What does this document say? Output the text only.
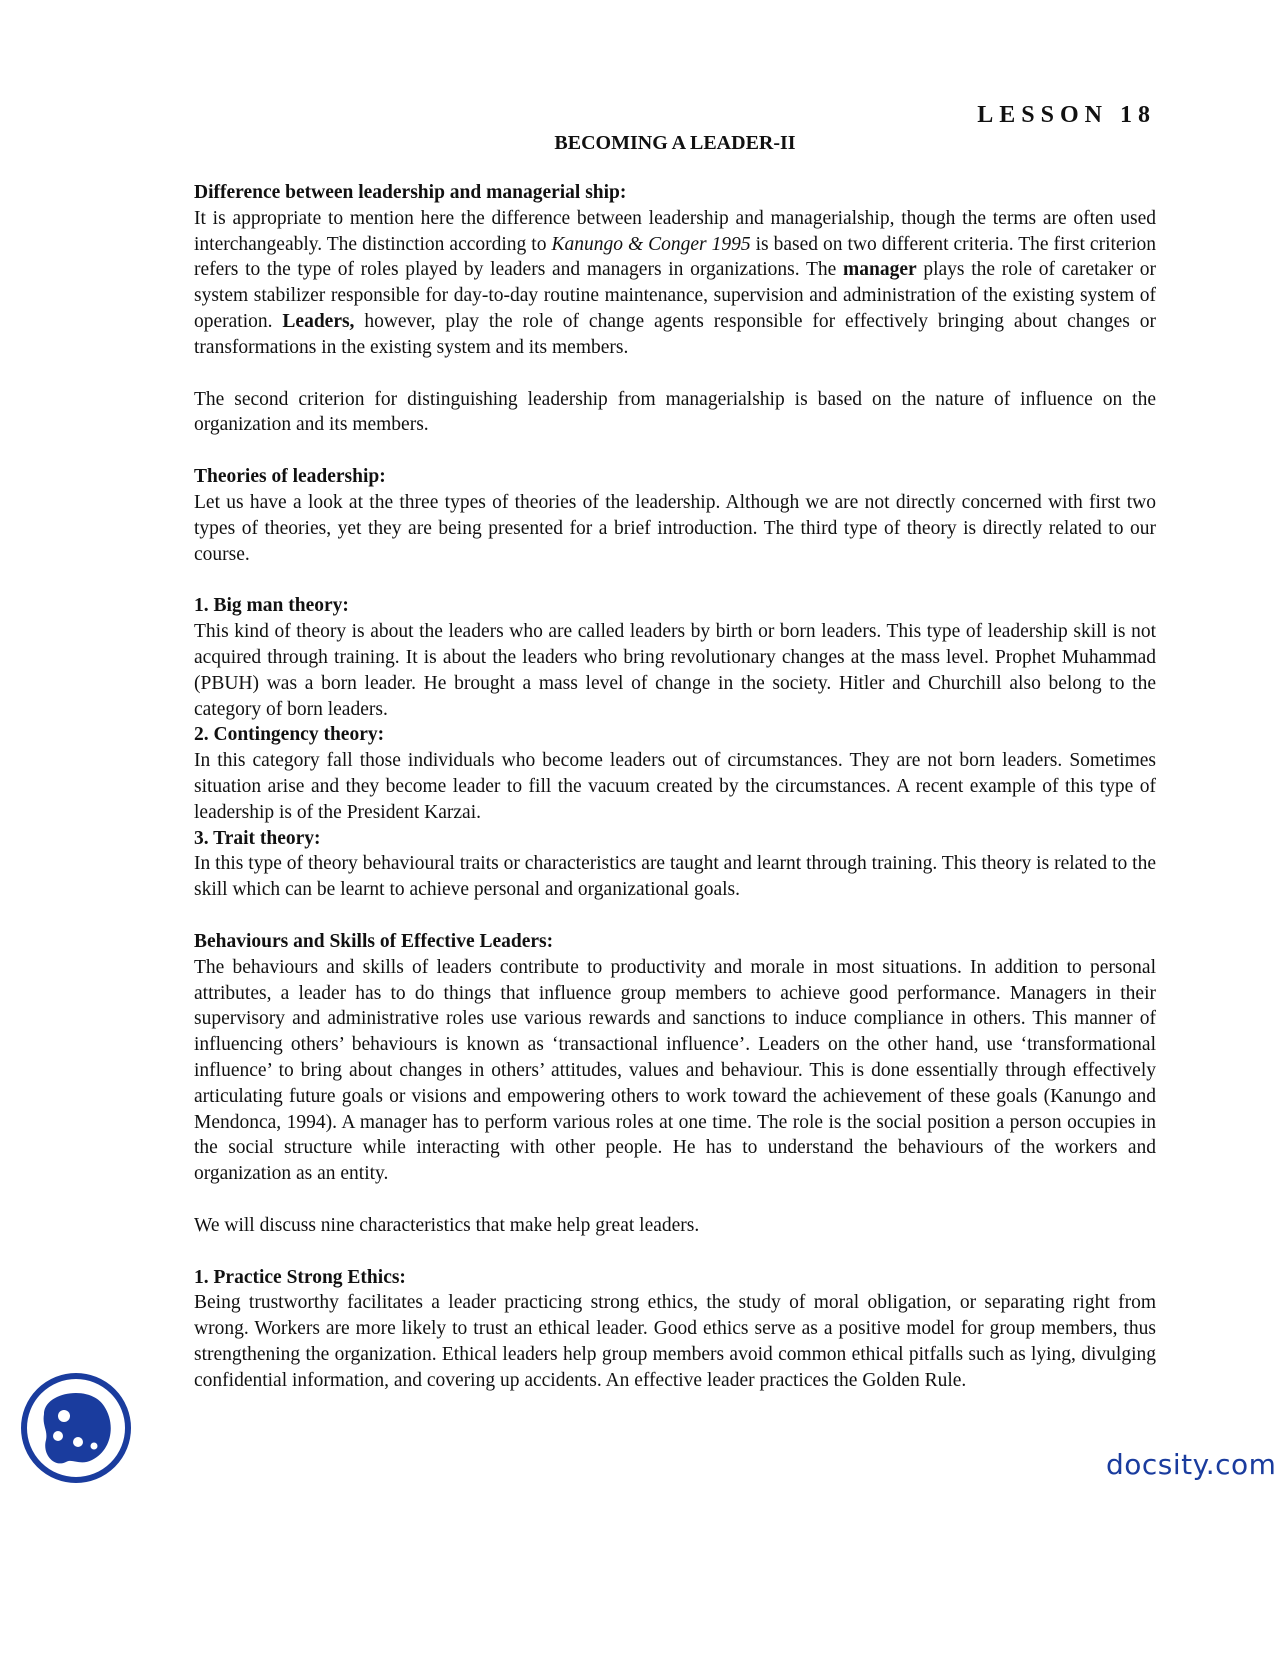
LESSON 18
BECOMING A LEADER-II
Difference between leadership and managerial ship:

It is appropriate to mention here the difference between leadership and managerialship, though the terms are often used interchangeably. The distinction according to Kanungo & Conger 1995 is based on two different criteria. The first criterion refers to the type of roles played by leaders and managers in organizations. The manager plays the role of caretaker or system stabilizer responsible for day-to-day routine maintenance, supervision and administration of the existing system of operation. Leaders, however, play the role of change agents responsible for effectively bringing about changes or transformations in the existing system and its members.

The second criterion for distinguishing leadership from managerialship is based on the nature of influence on the organization and its members.

Theories of leadership:

Let us have a look at the three types of theories of the leadership. Although we are not directly concerned with first two types of theories, yet they are being presented for a brief introduction. The third type of theory is directly related to our course.

1. Big man theory:

This kind of theory is about the leaders who are called leaders by birth or born leaders. This type of leadership skill is not acquired through training. It is about the leaders who bring revolutionary changes at the mass level. Prophet Muhammad (PBUH) was a born leader. He brought a mass level of change in the society. Hitler and Churchill also belong to the category of born leaders.

2. Contingency theory:

In this category fall those individuals who become leaders out of circumstances. They are not born leaders. Sometimes situation arise and they become leader to fill the vacuum created by the circumstances. A recent example of this type of leadership is of the President Karzai.

3. Trait theory:

In this type of theory behavioural traits or characteristics are taught and learnt through training. This theory is related to the skill which can be learnt to achieve personal and organizational goals.

Behaviours and Skills of Effective Leaders:

The behaviours and skills of leaders contribute to productivity and morale in most situations. In addition to personal attributes, a leader has to do things that influence group members to achieve good performance. Managers in their supervisory and administrative roles use various rewards and sanctions to induce compliance in others. This manner of influencing others’ behaviours is known as ‘transactional influence’. Leaders on the other hand, use ‘transformational influence’ to bring about changes in others’ attitudes, values and behaviour. This is done essentially through effectively articulating future goals or visions and empowering others to work toward the achievement of these goals (Kanungo and Mendonca, 1994). A manager has to perform various roles at one time. The role is the social position a person occupies in the social structure while interacting with other people. He has to understand the behaviours of the workers and organization as an entity.

We will discuss nine characteristics that make help great leaders.

1. Practice Strong Ethics:

Being trustworthy facilitates a leader practicing strong ethics, the study of moral obligation, or separating right from wrong. Workers are more likely to trust an ethical leader. Good ethics serve as a positive model for group members, thus strengthening the organization. Ethical leaders help group members avoid common ethical pitfalls such as lying, divulging confidential information, and covering up accidents. An effective leader practices the Golden Rule.

docsity.com
